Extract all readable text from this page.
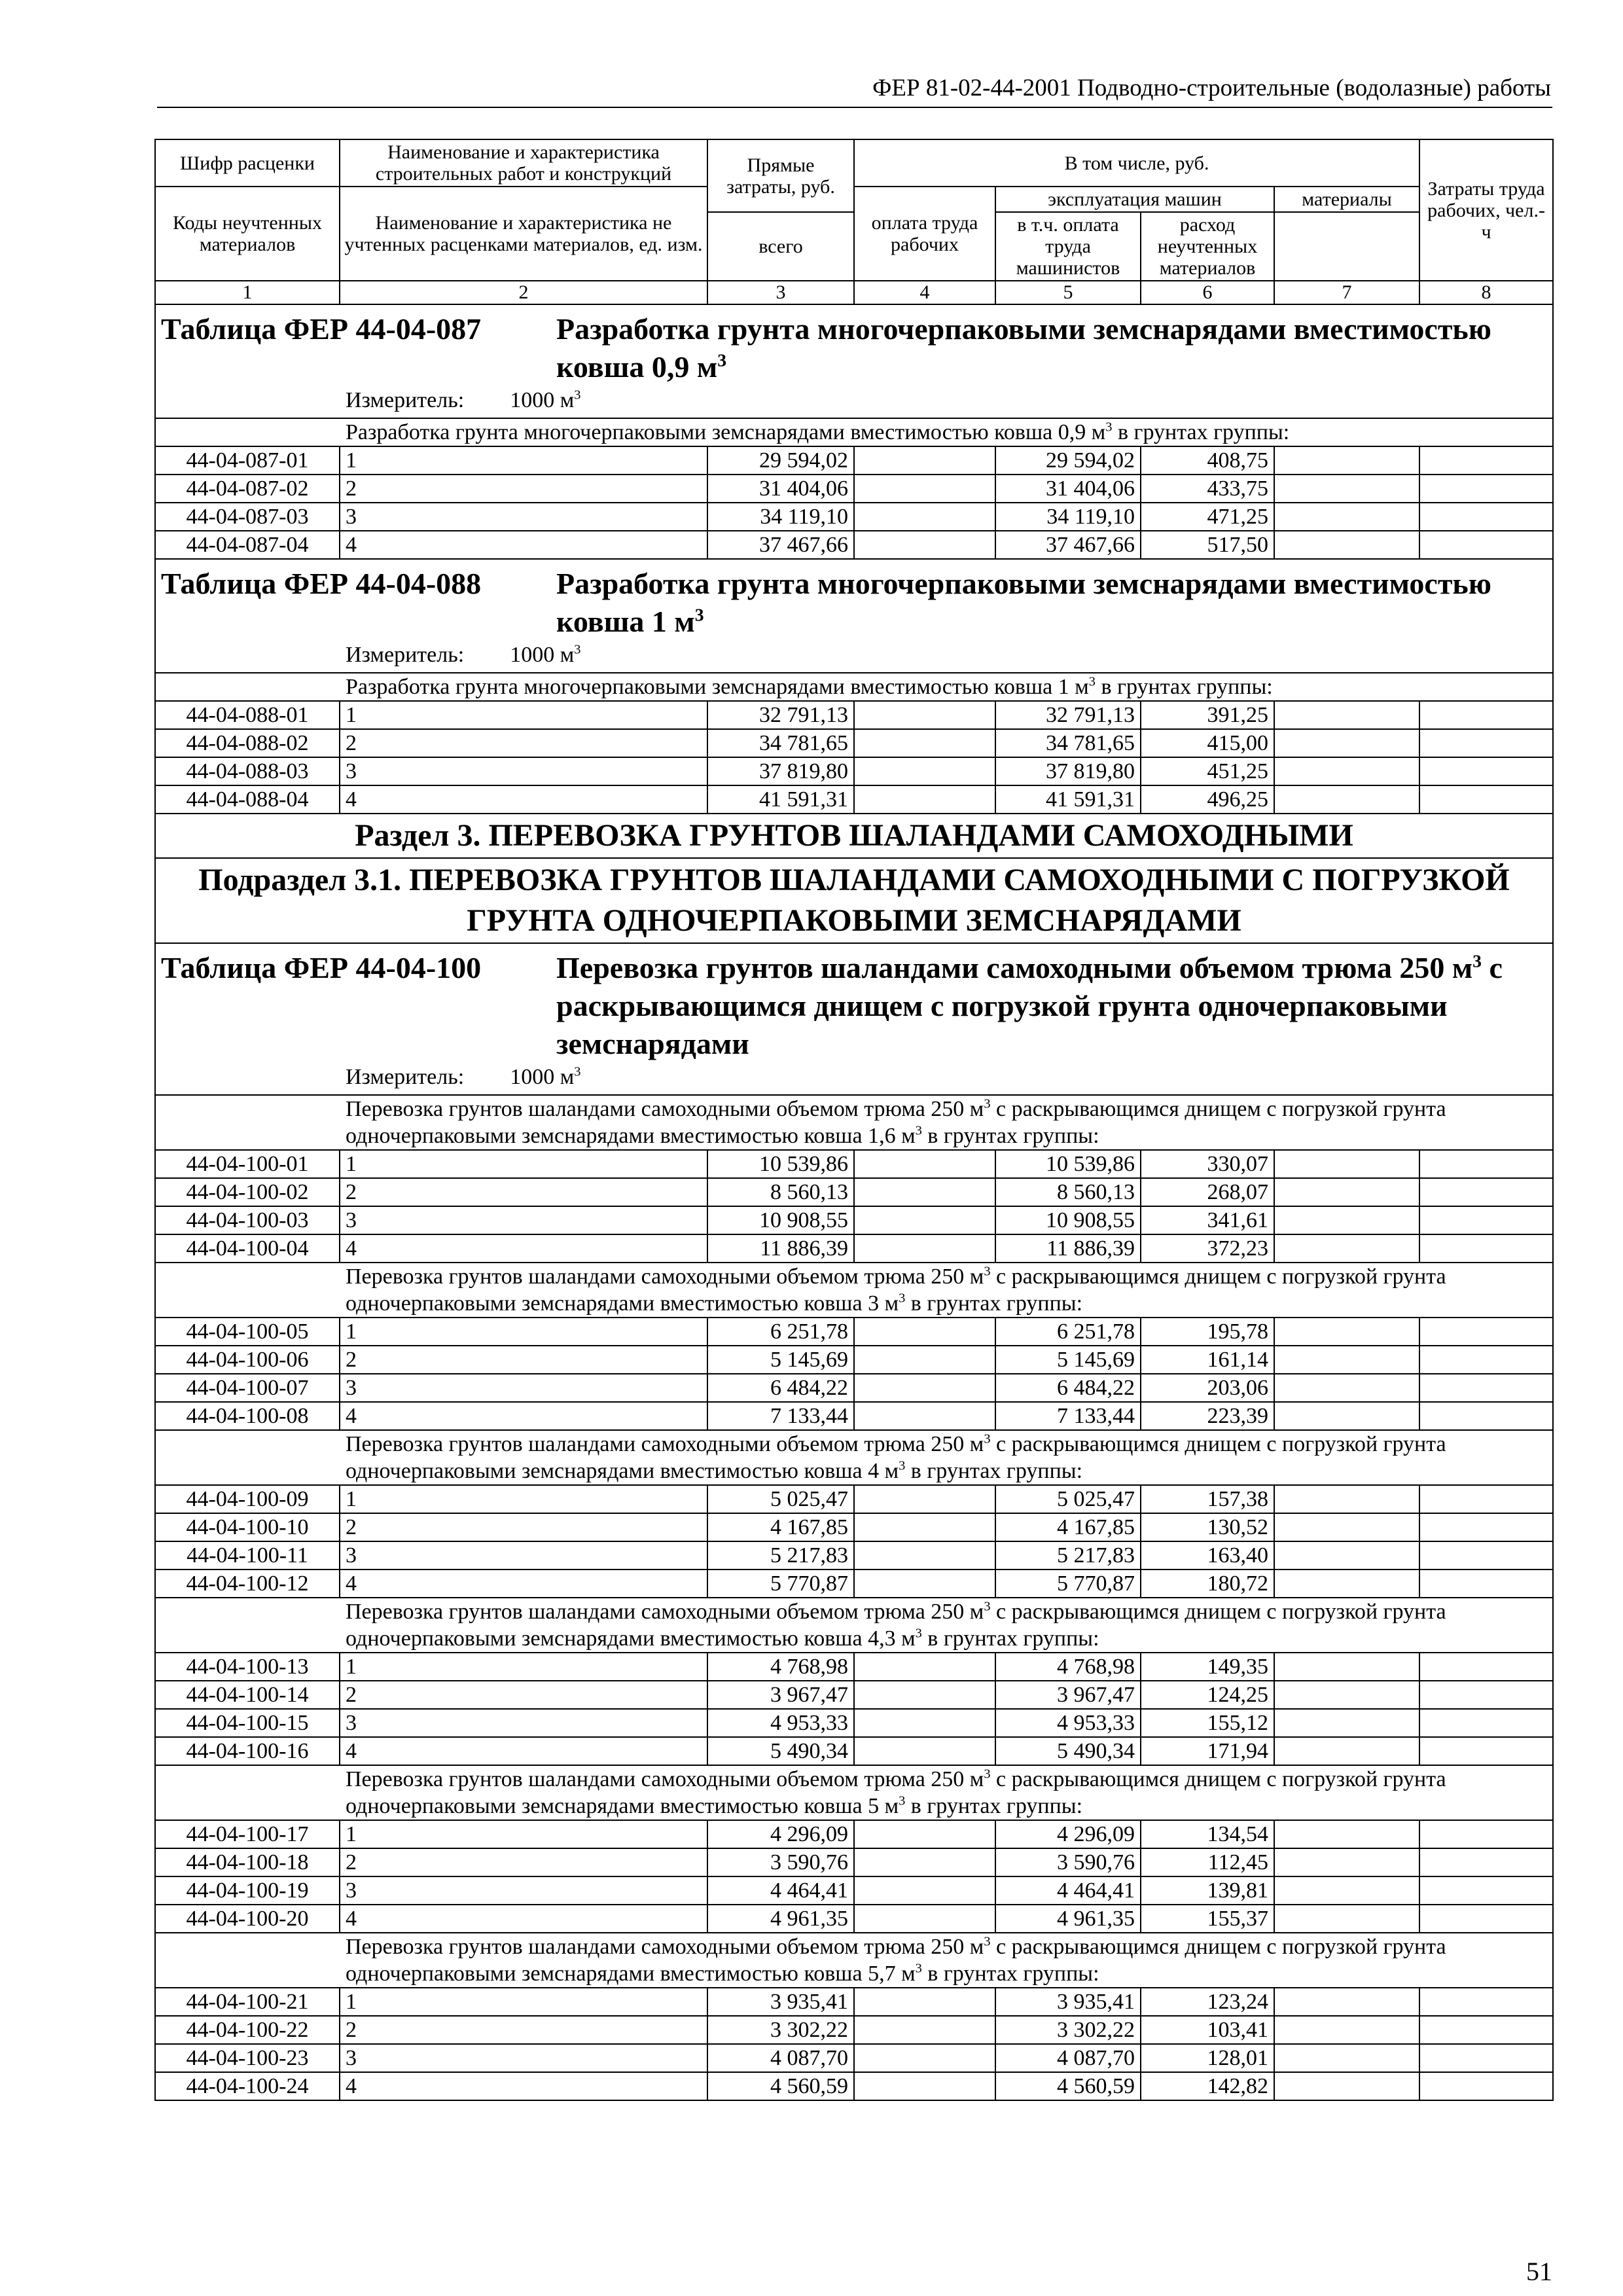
ФЕР 81-02-44-2001 Подводно-строительные (водолазные) работы
Шифр расценки	Наименование и характеристика строительных работ и конструкций	Прямые затраты, руб.	В том числе, руб.				Затраты труда рабочих, чел.-ч
Коды неучтенных материалов	Наименование и характеристика не учтенных расценками материалов, ед. изм.						
			оплата труда рабочих	эксплуатация машин		материалы	
		всего		в т.ч. оплата труда машинистов	расход неучтенных материалов		
1	2	3	4	5	6	7	8

Таблица ФЕР 44-04-087 Разработка грунта многочерпаковыми земснарядами вместимостью ковша 0,9 $м^3$
Измеритель: 1000 $м^3$

Разработка грунта многочерпаковыми земснарядами вместимостью ковша 0,9 $м^3$ в грунтах группы:							

44-04-087-01	1	29 594,02		29 594,02	408,75		
44-04-087-02	2	31 404,06		31 404,06	433,75		
44-04-087-03	3	34 119,10		34 119,10	471,25		
44-04-087-04	4	37 467,66		37 467,66	517,50		

Таблица ФЕР 44-04-088 Разработка грунта многочерпаковыми земснарядами вместимостью ковша 1 $м^3$
Измеритель: 1000 $м^3$

Разработка грунта многочерпаковыми земснарядами вместимостью ковша 1 $м^3$ в грунтах группы:							

44-04-088-01	1	32 791,13		32 791,13	391,25		
44-04-088-02	2	34 781,65		34 781,65	415,00		
44-04-088-03	3	37 819,80		37 819,80	451,25		
44-04-088-04	4	41 591,31		41 591,31	496,25		
Раздел 3. ПЕРЕВОЗКА ГРУНТОВ ШАЛАНДАМИ САМОХОДНЫМИ							
Подраздел 3.1. ПЕРЕВОЗКА ГРУНТОВ ШАЛАНДАМИ САМОХОДНЫМИ С ПОГРУЗКОЙ ГРУНТА ОДНОЧЕРПАКОВЫМИ ЗЕМСНАРЯДАМИ							

Таблица ФЕР 44-04-100 Перевозка грунтов шаландами самоходными объемом трюма 250 $м^3$ с раскрывающимся днищем с погрузкой грунта одночерпаковыми земснарядами
Измеритель: 1000 $м^3$

Перевозка грунтов шаландами самоходными объемом трюма 250 $м^3$ с раскрывающимся днищем с погрузкой грунта одночерпаковыми земснарядами вместимостью ковша 1,6 $м^3$ в грунтах группы:							

44-04-100-01	1	10 539,86		10 539,86	330,07		
44-04-100-02	2	8 560,13		8 560,13	268,07		
44-04-100-03	3	10 908,55		10 908,55	341,61		
44-04-100-04	4	11 886,39		11 886,39	372,23		

Перевозка грунтов шаландами самоходными объемом трюма 250 $м^3$ с раскрывающимся днищем с погрузкой грунта одночерпаковыми земснарядами вместимостью ковша 3 $м^3$ в грунтах группы:							

44-04-100-05	1	6 251,78		6 251,78	195,78		
44-04-100-06	2	5 145,69		5 145,69	161,14		
44-04-100-07	3	6 484,22		6 484,22	203,06		
44-04-100-08	4	7 133,44		7 133,44	223,39		

Перевозка грунтов шаландами самоходными объемом трюма 250 $м^3$ с раскрывающимся днищем с погрузкой грунта одночерпаковыми земснарядами вместимостью ковша 4 $м^3$ в грунтах группы:							

44-04-100-09	1	5 025,47		5 025,47	157,38		
44-04-100-10	2	4 167,85		4 167,85	130,52		
44-04-100-11	3	5 217,83		5 217,83	163,40		
44-04-100-12	4	5 770,87		5 770,87	180,72		

Перевозка грунтов шаландами самоходными объемом трюма 250 $м^3$ с раскрывающимся днищем с погрузкой грунта одночерпаковыми земснарядами вместимостью ковша 4,3 $м^3$ в грунтах группы:							

44-04-100-13	1	4 768,98		4 768,98	149,35		
44-04-100-14	2	3 967,47		3 967,47	124,25		
44-04-100-15	3	4 953,33		4 953,33	155,12		
44-04-100-16	4	5 490,34		5 490,34	171,94		

Перевозка грунтов шаландами самоходными объемом трюма 250 $м^3$ с раскрывающимся днищем с погрузкой грунта одночерпаковыми земснарядами вместимостью ковша 5 $м^3$ в грунтах группы:							

44-04-100-17	1	4 296,09		4 296,09	134,54		
44-04-100-18	2	3 590,76		3 590,76	112,45		
44-04-100-19	3	4 464,41		4 464,41	139,81		
44-04-100-20	4	4 961,35		4 961,35	155,37		

Перевозка грунтов шаландами самоходными объемом трюма 250 $м^3$ с раскрывающимся днищем с погрузкой грунта одночерпаковыми земснарядами вместимостью ковша 5,7 $м^3$ в грунтах группы:							

44-04-100-21	1	3 935,41		3 935,41	123,24		
44-04-100-22	2	3 302,22		3 302,22	103,41		
44-04-100-23	3	4 087,70		4 087,70	128,01		
44-04-100-24	4	4 560,59		4 560,59	142,82		
51
